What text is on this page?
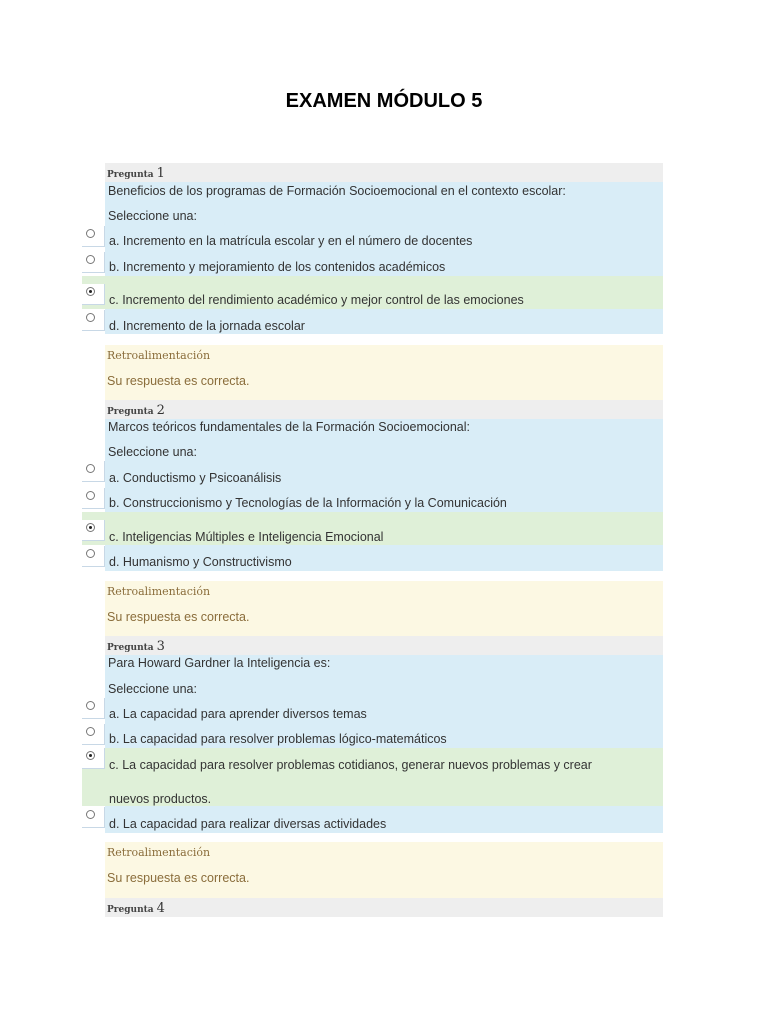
EXAMEN MÓDULO 5
Pregunta 1
Beneficios de los programas de Formación Socioemocional en el contexto escolar:
Seleccione una:
a. Incremento en la matrícula escolar y en el número de docentes
b. Incremento y mejoramiento de los contenidos académicos
c. Incremento del rendimiento académico y mejor control de las emociones
d. Incremento de la jornada escolar
Retroalimentación
Su respuesta es correcta.
Pregunta 2
Marcos teóricos fundamentales de la Formación Socioemocional:
Seleccione una:
a. Conductismo y Psicoanálisis
b. Construccionismo y Tecnologías de la Información y la Comunicación
c. Inteligencias Múltiples e Inteligencia Emocional
d. Humanismo y Constructivismo
Retroalimentación
Su respuesta es correcta.
Pregunta 3
Para Howard Gardner la Inteligencia es:
Seleccione una:
a. La capacidad para aprender diversos temas
b. La capacidad para resolver problemas lógico-matemáticos
c. La capacidad para resolver problemas cotidianos, generar nuevos problemas y crear
nuevos productos.
d. La capacidad para realizar diversas actividades
Retroalimentación
Su respuesta es correcta.
Pregunta 4
